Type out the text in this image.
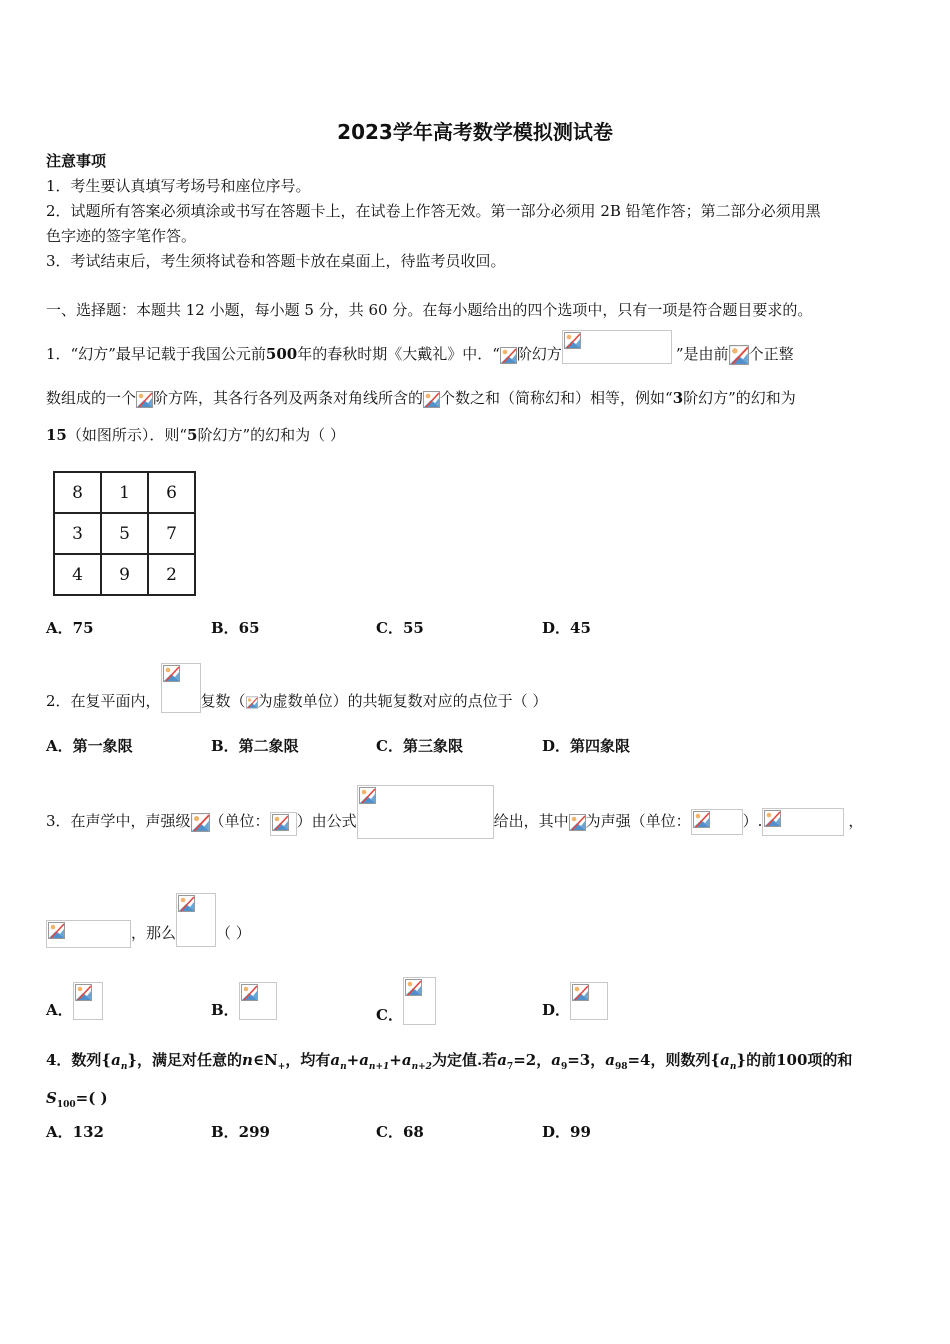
2023学年高考数学模拟测试卷
注意事项
1．考生要认真填写考场号和座位序号。
2．试题所有答案必须填涂或书写在答题卡上，在试卷上作答无效。第一部分必须用 2B 铅笔作答；第二部分必须用黑
色字迹的签字笔作答。
3．考试结束后，考生须将试卷和答题卡放在桌面上，待监考员收回。
一、选择题：本题共 12 小题，每小题 5 分，共 60 分。在每小题给出的四个选项中，只有一项是符合题目要求的。
1．“幻方”最早记载于我国公元前500年的春秋时期《大戴礼》中．“ 阶幻方	”是由前 个正整
数组成的一个 阶方阵，其各行各列及两条对角线所含的 个数之和（简称幻和）相等，例如“3阶幻方”的幻和为
15（如图所示）．则“5阶幻方”的幻和为（ ）
8	1	6
3	5	7
4	9	2
A．75	B．65	C．55	D．45
2．在复平面内，	复数（ 为虚数单位）的共轭复数对应的点位于（ ）
A．第一象限	B．第二象限	C．第三象限	D．第四象限
3．在声学中，声强级 （单位： ）由公式	给出，其中 为声强（单位：	）.	，
，那么	（ ）
A．	B．	C．	D．
4．数列$\{a_n\}$，满足对任意的$n\in N_+$，均有$a_n+a_{n+1}+a_{n+2}$为定值.若$a_7=2$，$a_9=3$，$a_{98}=4$，则数列$\{a_n\}$的前100项的和
$S_{100}=$( )
A．132	B．299	C．68	D．99
